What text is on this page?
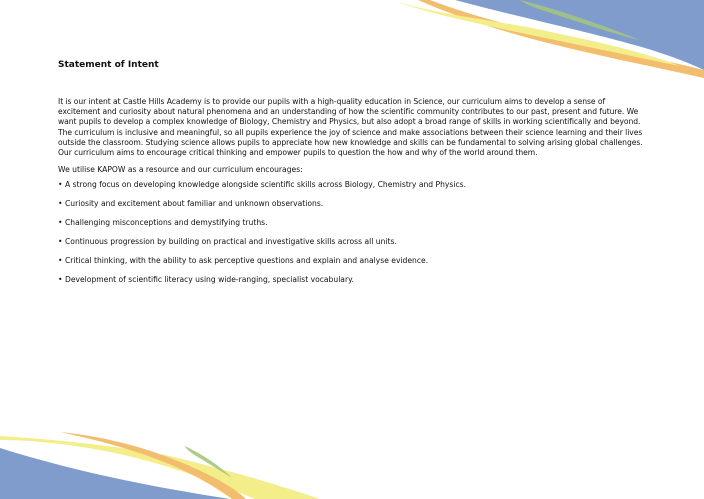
Statement of Intent

It is our intent at Castle Hills Academy is to provide our pupils with a high-quality education in Science, our curriculum aims to develop a sense of excitement and curiosity about natural phenomena and an understanding of how the scientific community contributes to our past, present and future. We want pupils to develop a complex knowledge of Biology, Chemistry and Physics, but also adopt a broad range of skills in working scientifically and beyond. The curriculum is inclusive and meaningful, so all pupils experience the joy of science and make associations between their science learning and their lives outside the classroom. Studying science allows pupils to appreciate how new knowledge and skills can be fundamental to solving arising global challenges. Our curriculum aims to encourage critical thinking and empower pupils to question the how and why of the world around them.

We utilise KAPOW as a resource and our curriculum encourages:

• A strong focus on developing knowledge alongside scientific skills across Biology, Chemistry and Physics.
• Curiosity and excitement about familiar and unknown observations.
• Challenging misconceptions and demystifying truths.
• Continuous progression by building on practical and investigative skills across all units.
• Critical thinking, with the ability to ask perceptive questions and explain and analyse evidence.
• Development of scientific literacy using wide-ranging, specialist vocabulary.
